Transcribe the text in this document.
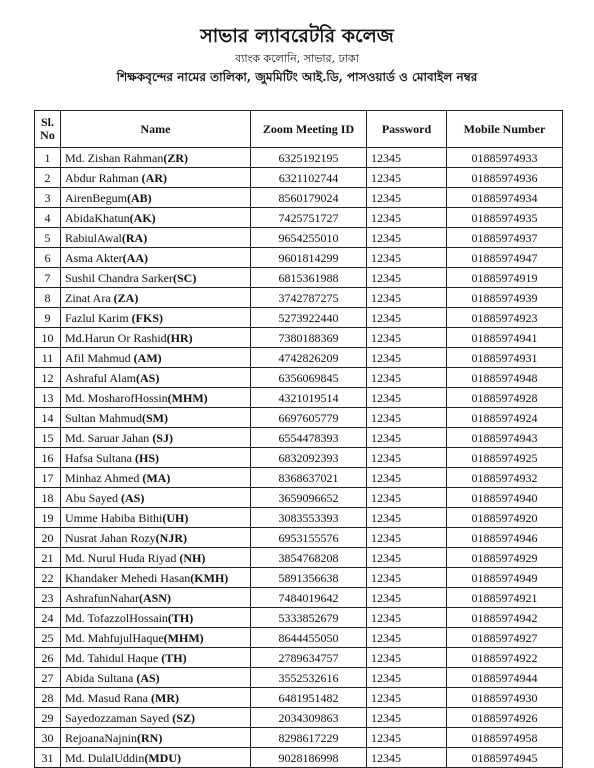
সাভার ল্যাবরেটরি কলেজ
ব্যাংক কলোনি, সাভার, ঢাকা
শিক্ষকবৃন্দের নামের তালিকা, জুমমিটিং আই.ডি, পাসওয়ার্ড ও মোবাইল নম্বর
Sl.
No	Name	Zoom Meeting ID	Password	Mobile Number
1	Md. Zishan Rahman(ZR)	6325192195	12345	01885974933
2	Abdur Rahman (AR)	6321102744	12345	01885974936
3	AirenBegum(AB)	8560179024	12345	01885974934
4	AbidaKhatun(AK)	7425751727	12345	01885974935
5	RabiulAwal(RA)	9654255010	12345	01885974937
6	Asma Akter(AA)	9601814299	12345	01885974947
7	Sushil Chandra Sarker(SC)	6815361988	12345	01885974919
8	Zinat Ara (ZA)	3742787275	12345	01885974939
9	Fazlul Karim (FKS)	5273922440	12345	01885974923
10	Md.Harun Or Rashid(HR)	7380188369	12345	01885974941
11	Afil Mahmud (AM)	4742826209	12345	01885974931
12	Ashraful Alam(AS)	6356069845	12345	01885974948
13	Md. MosharofHossin(MHM)	4321019514	12345	01885974928
14	Sultan Mahmud(SM)	6697605779	12345	01885974924
15	Md. Saruar Jahan (SJ)	6554478393	12345	01885974943
16	Hafsa Sultana (HS)	6832092393	12345	01885974925
17	Minhaz Ahmed (MA)	8368637021	12345	01885974932
18	Abu Sayed (AS)	3659096652	12345	01885974940
19	Umme Habiba Bithi(UH)	3083553393	12345	01885974920
20	Nusrat Jahan Rozy(NJR)	6953155576	12345	01885974946
21	Md. Nurul Huda Riyad (NH)	3854768208	12345	01885974929
22	Khandaker Mehedi Hasan(KMH)	5891356638	12345	01885974949
23	AshrafunNahar(ASN)	7484019642	12345	01885974921
24	Md. TofazzolHossain(TH)	5333852679	12345	01885974942
25	Md. MahfujulHaque(MHM)	8644455050	12345	01885974927
26	Md. Tahidul Haque (TH)	2789634757	12345	01885974922
27	Abida Sultana (AS)	3552532616	12345	01885974944
28	Md. Masud Rana (MR)	6481951482	12345	01885974930
29	Sayedozzaman Sayed (SZ)	2034309863	12345	01885974926
30	RejoanaNajnin(RN)	8298617229	12345	01885974958
31	Md. DulalUddin(MDU)	9028186998	12345	01885974945
